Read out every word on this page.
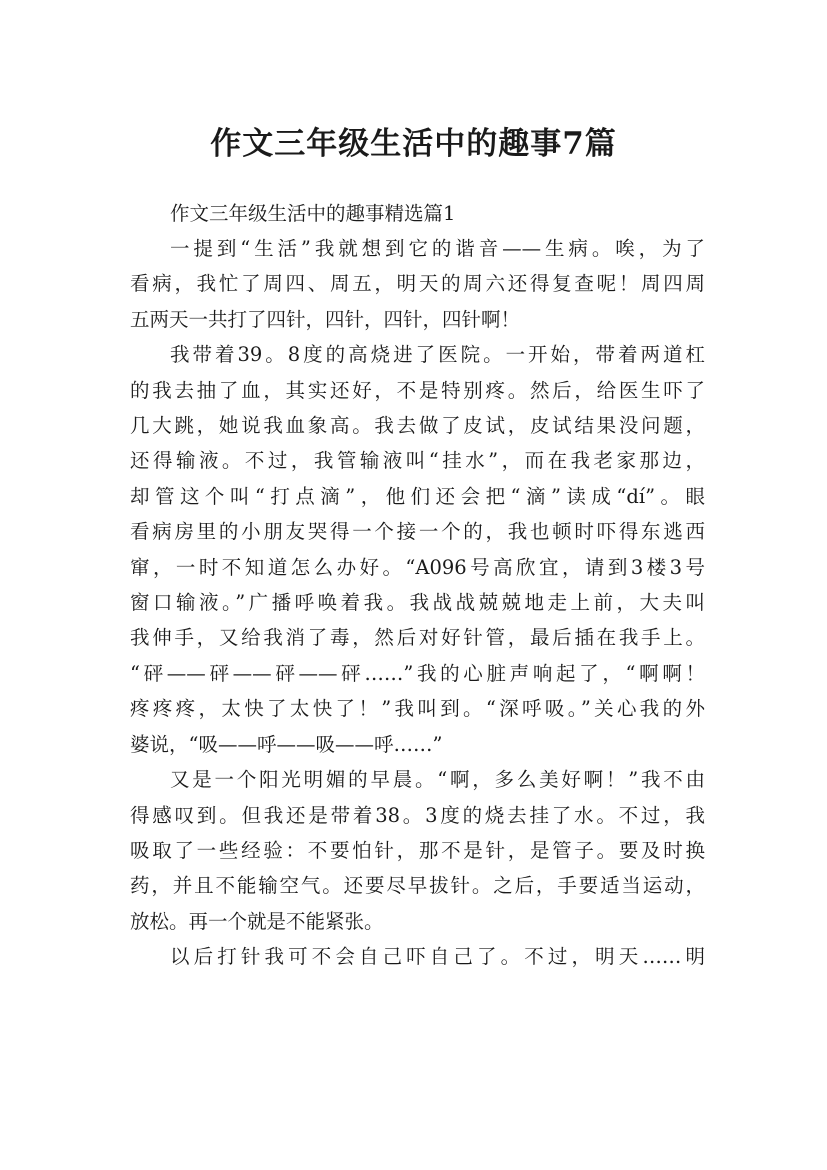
作文三年级生活中的趣事7篇

作文三年级生活中的趣事精选篇1

一提到“生活”我就想到它的谐音——生病。唉，为了
看病，我忙了周四、周五，明天的周六还得复查呢！周四周
五两天一共打了四针，四针，四针，四针啊！
我带着39。8度的高烧进了医院。一开始，带着两道杠
的我去抽了血，其实还好，不是特别疼。然后，给医生吓了
几大跳，她说我血象高。我去做了皮试，皮试结果没问题，
还得输液。不过，我管输液叫“挂水”，而在我老家那边，
却管这个叫“打点滴”，他们还会把“滴”读成“dí”。眼
看病房里的小朋友哭得一个接一个的，我也顿时吓得东逃西
窜，一时不知道怎么办好。“A096号高欣宜，请到3楼3号
窗口输液。”广播呼唤着我。我战战兢兢地走上前，大夫叫
我伸手，又给我消了毒，然后对好针管，最后插在我手上。
“砰——砰——砰——砰……”我的心脏声响起了，“啊啊！
疼疼疼，太快了太快了！”我叫到。“深呼吸。”关心我的外
婆说，“吸——呼——吸——呼……”
又是一个阳光明媚的早晨。“啊，多么美好啊！”我不由
得感叹到。但我还是带着38。3度的烧去挂了水。不过，我
吸取了一些经验：不要怕针，那不是针，是管子。要及时换
药，并且不能输空气。还要尽早拔针。之后，手要适当运动，
放松。再一个就是不能紧张。
以后打针我可不会自己吓自己了。不过，明天……明
